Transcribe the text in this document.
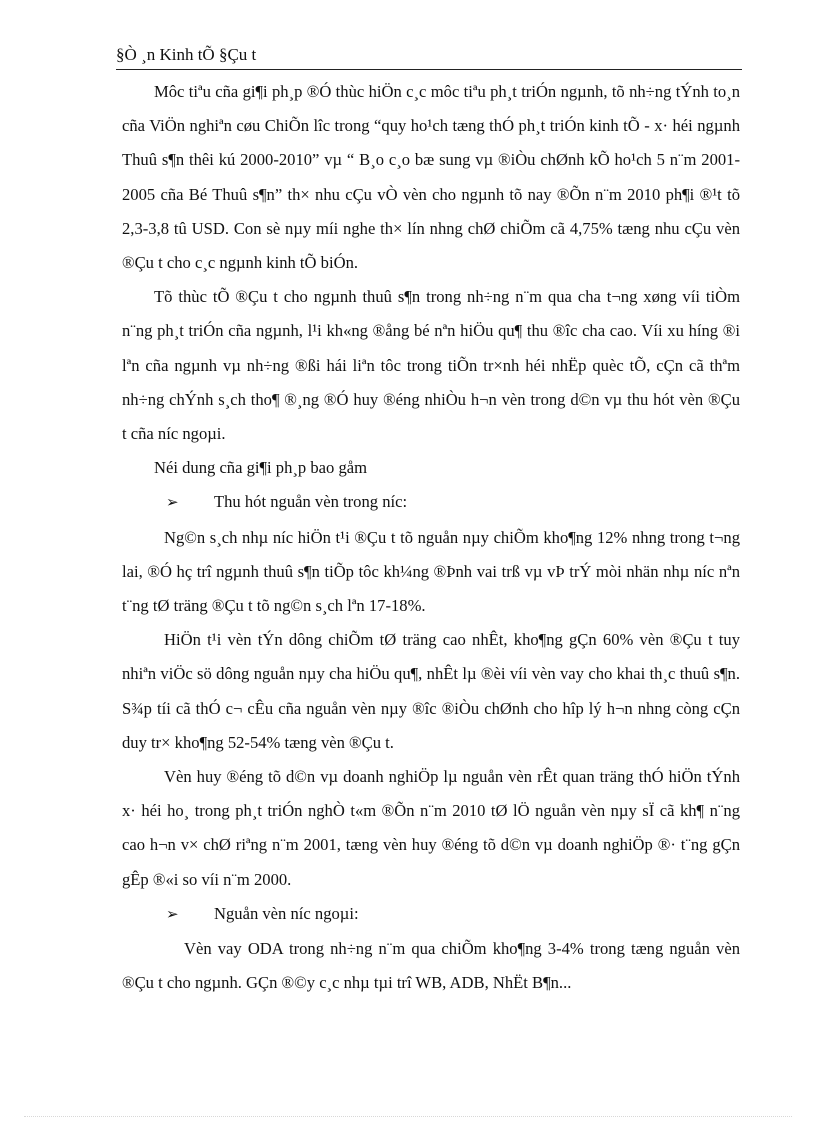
§Ò ¸n Kinh tÕ §Çu t

Môc tiªu cña gi¶i ph¸p ®Ó thùc hiÖn c¸c môc tiªu ph¸t triÓn ngµnh, tõ nh÷ng tÝnh to¸n cña ViÖn nghiªn cøu ChiÕn lîc trong “quy ho¹ch tæng thÓ ph¸t triÓn kinh tÕ - x· héi ngµnh Thuû s¶n thêi kú 2000-2010” vµ “ B¸o c¸o bæ sung vµ ®iÒu chØnh kÕ ho¹ch 5 n¨m 2001-2005 cña Bé Thuû s¶n” th× nhu cÇu vÒ vèn cho ngµnh tõ nay ®Õn n¨m 2010 ph¶i ®¹t tõ 2,3-3,8 tû USD. Con sè nµy míi nghe th× lín nhng chØ chiÕm cã 4,75% tæng nhu cÇu vèn ®Çu t cho c¸c ngµnh kinh tÕ biÓn.

Tõ thùc tÕ ®Çu t cho ngµnh thuû s¶n trong nh÷ng n¨m qua cha t¬ng xøng víi tiÒm n¨ng ph¸t triÓn cña ngµnh, l¹i kh«ng ®ång bé nªn hiÖu qu¶ thu ®îc cha cao. Víi xu híng ®i lªn cña ngµnh vµ nh÷ng ®ßi hái liªn tôc trong tiÕn tr×nh héi nhËp quèc tÕ, cÇn cã thªm nh÷ng chÝnh s¸ch tho¶ ®¸ng ®Ó huy ®éng nhiÒu h¬n vèn trong d©n vµ thu hót vèn ®Çu t cña níc ngoµi.

Néi dung cña gi¶i ph¸p bao gåm

➢ Thu hót nguån vèn trong níc:

Ng©n s¸ch nhµ níc hiÖn t¹i ®Çu t tõ nguån nµy chiÕm kho¶ng 12% nhng trong t¬ng lai, ®Ó hç trî ngµnh thuû s¶n tiÕp tôc kh¼ng ®Þnh vai trß vµ vÞ trÝ mòi nhän nhµ níc nªn t¨ng tØ träng ®Çu t tõ ng©n s¸ch lªn 17-18%.

HiÖn t¹i vèn tÝn dông chiÕm tØ träng cao nhÊt, kho¶ng gÇn 60% vèn ®Çu t tuy nhiªn viÖc sö dông nguån nµy cha hiÖu qu¶, nhÊt lµ ®èi víi vèn vay cho khai th¸c thuû s¶n. S¾p tíi cã thÓ c¬ cÊu cña nguån vèn nµy ®îc ®iÒu chØnh cho hîp lý h¬n nhng còng cÇn duy tr× kho¶ng 52-54% tæng vèn ®Çu t.

Vèn huy ®éng tõ d©n vµ doanh nghiÖp lµ nguån vèn rÊt quan träng thÓ hiÖn tÝnh x· héi ho¸ trong ph¸t triÓn nghÒ t«m ®Õn n¨m 2010 tØ lÖ nguån vèn nµy sÏ cã kh¶ n¨ng cao h¬n v× chØ riªng n¨m 2001, tæng vèn huy ®éng tõ d©n vµ doanh nghiÖp ®· t¨ng gÇn gÊp ®«i so víi n¨m 2000.

➢ Nguån vèn níc ngoµi:

Vèn vay ODA trong nh÷ng n¨m qua chiÕm kho¶ng 3-4% trong tæng nguån vèn ®Çu t cho ngµnh. GÇn ®©y c¸c nhµ tµi trî WB, ADB, NhËt B¶n...
